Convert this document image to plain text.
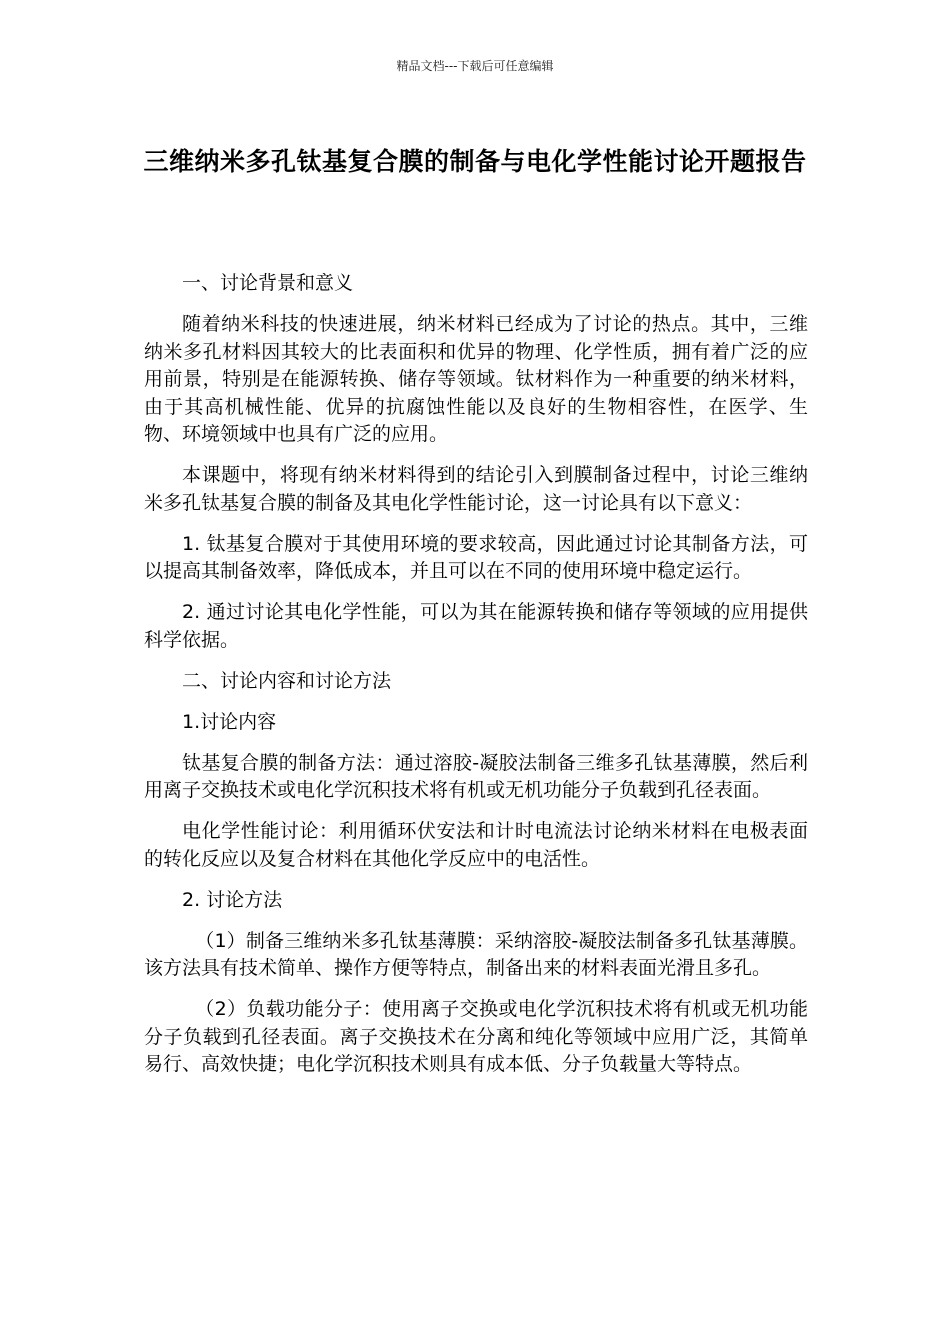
精品文档---下载后可任意编辑
三维纳米多孔钛基复合膜的制备与电化学性能讨论开题报告

一、讨论背景和意义

随着纳米科技的快速进展，纳米材料已经成为了讨论的热点。其中，三维纳米多孔材料因其较大的比表面积和优异的物理、化学性质，拥有着广泛的应用前景，特别是在能源转换、储存等领域。钛材料作为一种重要的纳米材料，由于其高机械性能、优异的抗腐蚀性能以及良好的生物相容性，在医学、生物、环境领域中也具有广泛的应用。

本课题中，将现有纳米材料得到的结论引入到膜制备过程中，讨论三维纳米多孔钛基复合膜的制备及其电化学性能讨论，这一讨论具有以下意义：

1. 钛基复合膜对于其使用环境的要求较高，因此通过讨论其制备方法，可以提高其制备效率，降低成本，并且可以在不同的使用环境中稳定运行。

2. 通过讨论其电化学性能，可以为其在能源转换和储存等领域的应用提供科学依据。

二、讨论内容和讨论方法

1.讨论内容

钛基复合膜的制备方法：通过溶胶-凝胶法制备三维多孔钛基薄膜，然后利用离子交换技术或电化学沉积技术将有机或无机功能分子负载到孔径表面。

电化学性能讨论：利用循环伏安法和计时电流法讨论纳米材料在电极表面的转化反应以及复合材料在其他化学反应中的电活性。

2. 讨论方法

（1）制备三维纳米多孔钛基薄膜：采纳溶胶-凝胶法制备多孔钛基薄膜。该方法具有技术简单、操作方便等特点，制备出来的材料表面光滑且多孔。

（2）负载功能分子：使用离子交换或电化学沉积技术将有机或无机功能分子负载到孔径表面。离子交换技术在分离和纯化等领域中应用广泛，其简单易行、高效快捷；电化学沉积技术则具有成本低、分子负载量大等特点。
